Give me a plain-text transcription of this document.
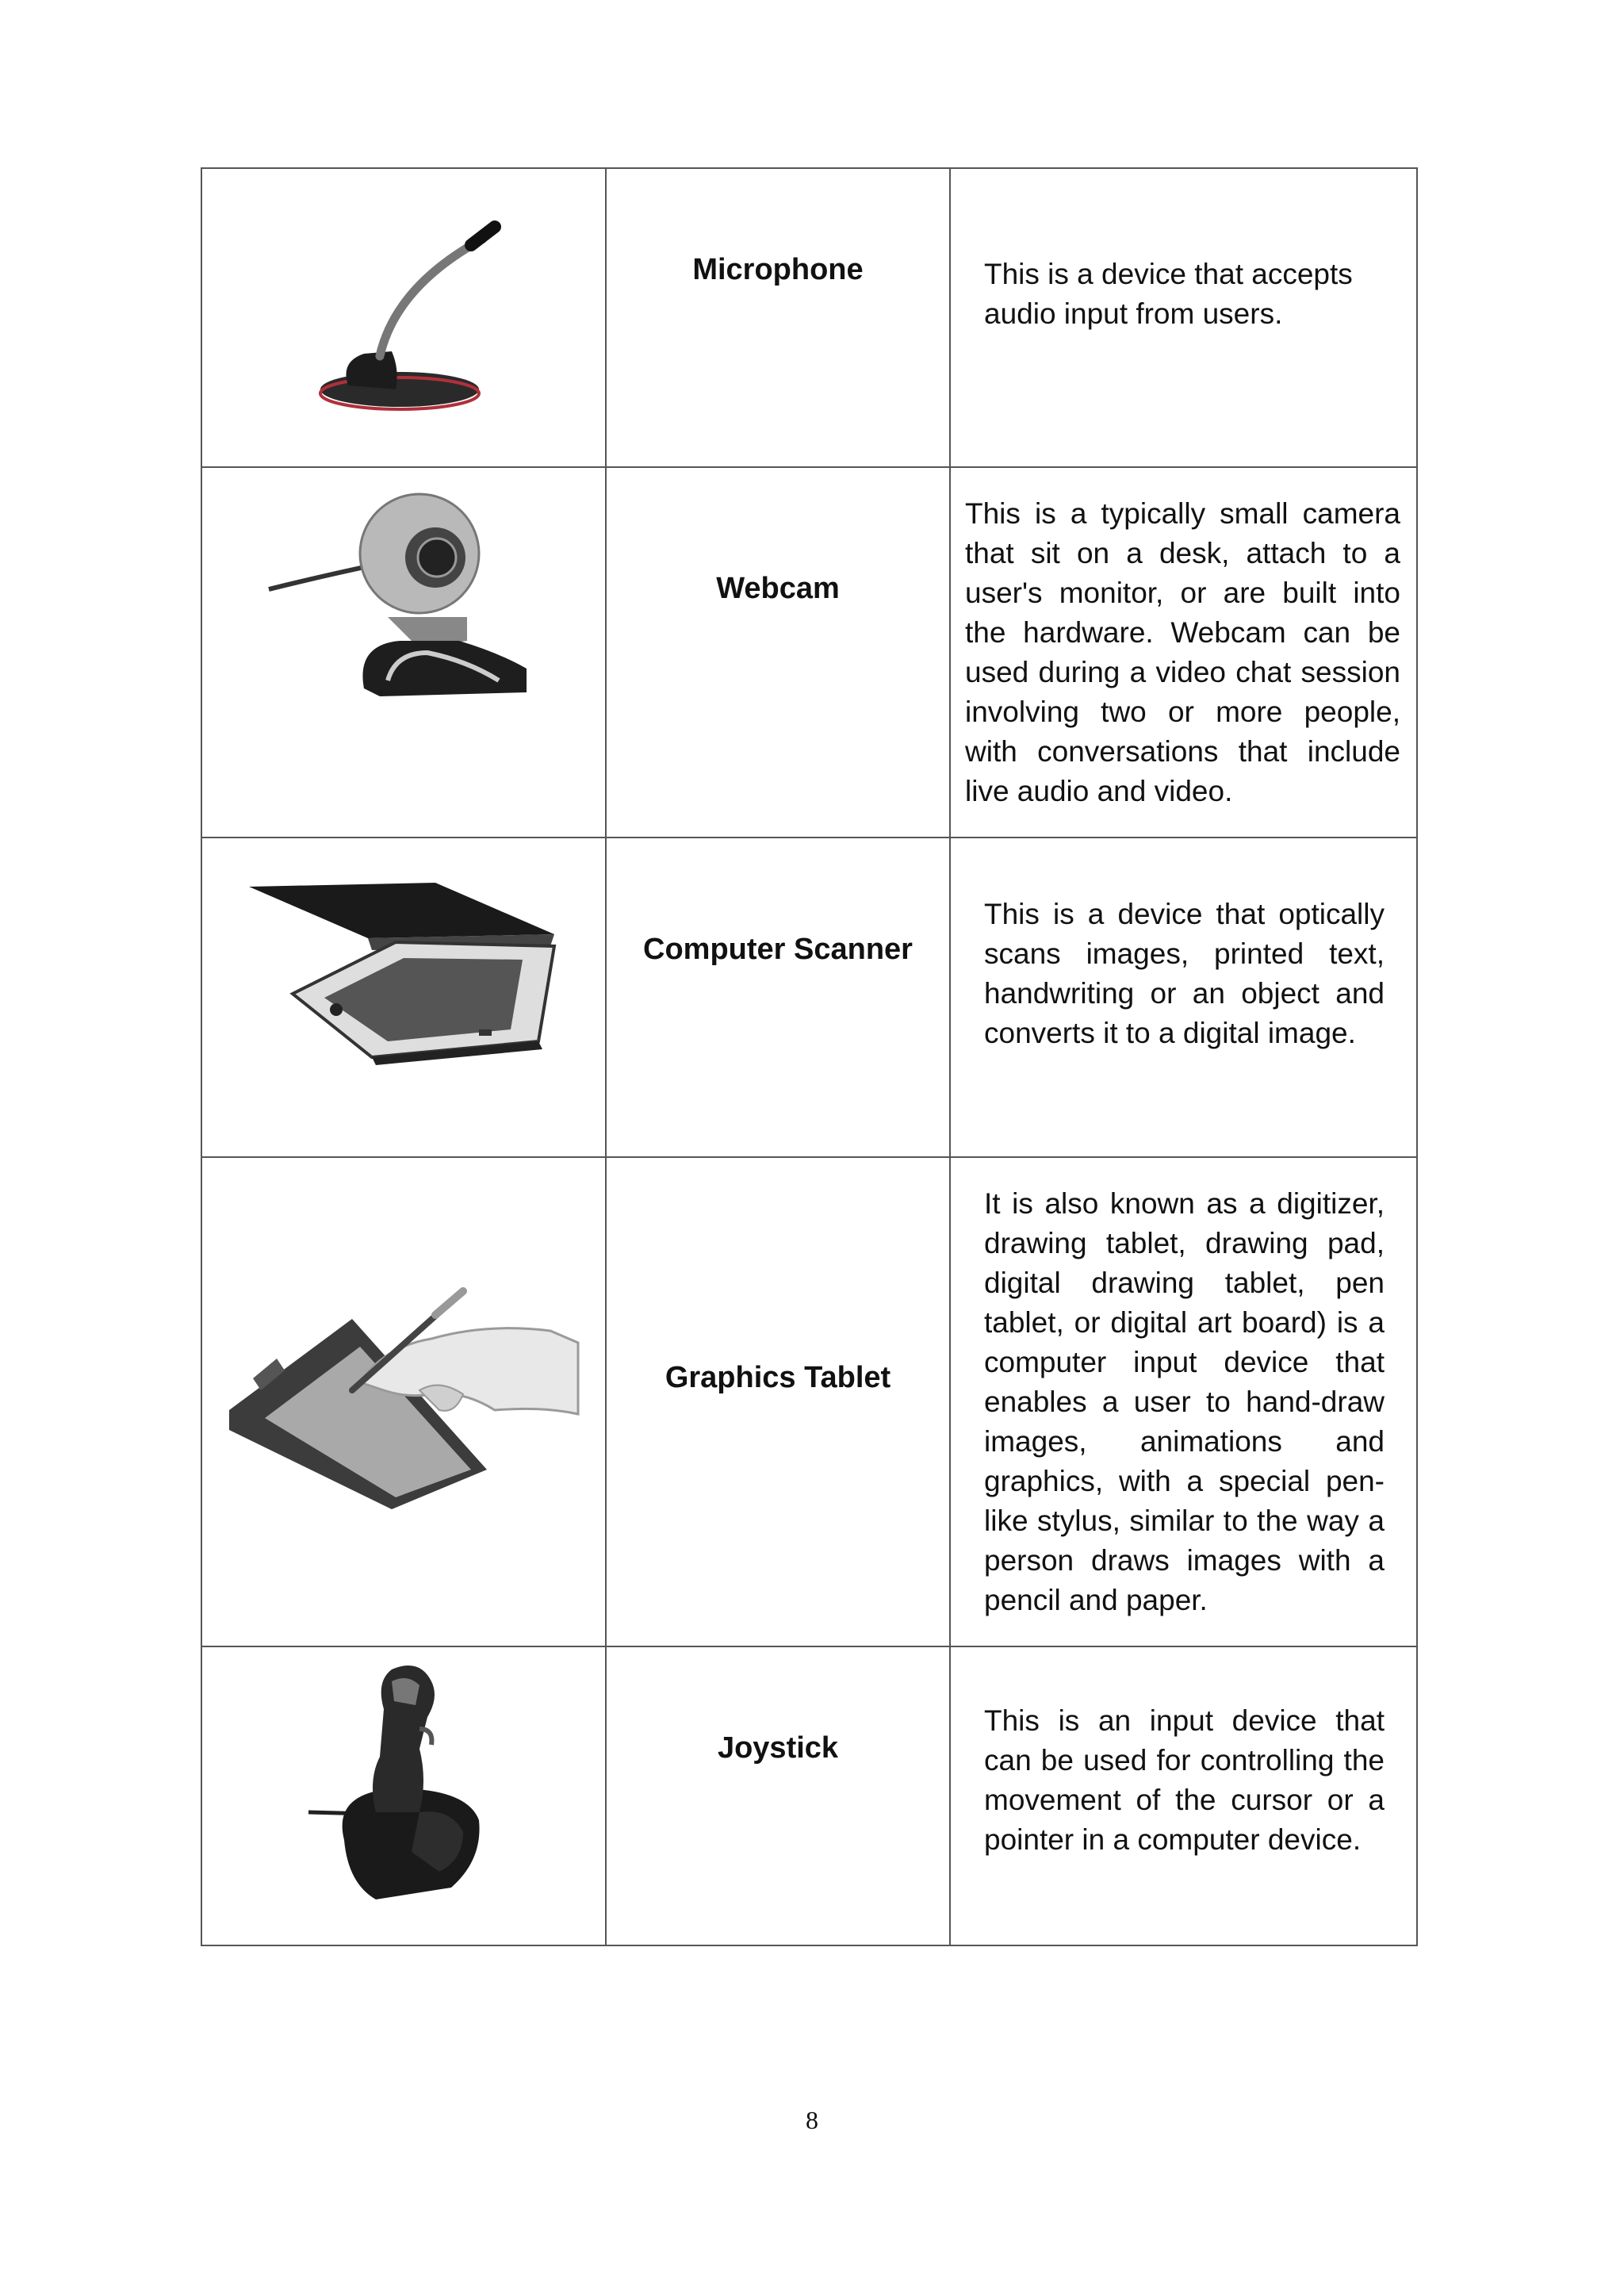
Microphone	This is a device that accepts audio input from users.

Webcam	This is a typically small camera that sit on a desk, attach to a user's monitor, or are built into the hardware. Webcam can be used during a video chat session involving two or more people, with conversations that include live audio and video.

Computer Scanner	This is a device that optically scans images, printed text, handwriting or an object and converts it to a digital image.

Graphics Tablet	It is also known as a digitizer, drawing tablet, drawing pad, digital drawing tablet, pen tablet, or digital art board) is a computer input device that enables a user to hand-draw images, animations and graphics, with a special pen-like stylus, similar to the way a person draws images with a pencil and paper.

Joystick	This is an input device that can be used for controlling the movement of the cursor or a pointer in a computer device.
8
